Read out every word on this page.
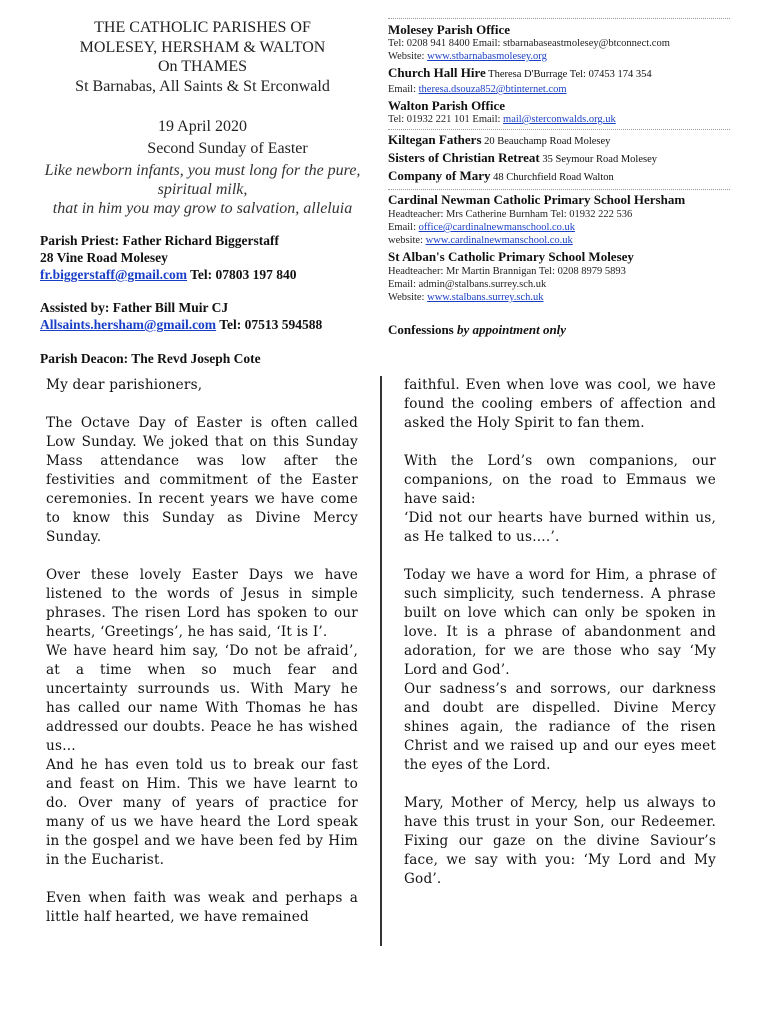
THE CATHOLIC PARISHES OF
MOLESEY, HERSHAM & WALTON
On THAMES
St Barnabas, All Saints & St Erconwald
19 April 2020
Second Sunday of Easter
Like newborn infants, you must long for the pure,
spiritual milk,
that in him you may grow to salvation, alleluia
Parish Priest: Father Richard Biggerstaff
28 Vine Road Molesey
fr.biggerstaff@gmail.com Tel: 07803 197 840
Assisted by: Father Bill Muir CJ
Allsaints.hersham@gmail.com Tel: 07513 594588
Parish Deacon: The Revd Joseph Cote
Molesey Parish Office
Tel: 0208 941 8400 Email: stbarnabaseastmolesey@btconnect.com
Website: www.stbarnabasmolesey.org
Church Hall Hire Theresa D'Burrage Tel: 07453 174 354
Email: theresa.dsouza852@btinternet.com
Walton Parish Office
Tel: 01932 221 101 Email: mail@sterconwalds.org.uk
Kiltegan Fathers 20 Beauchamp Road Molesey
Sisters of Christian Retreat 35 Seymour Road Molesey
Company of Mary 48 Churchfield Road Walton
Cardinal Newman Catholic Primary School Hersham
Headteacher: Mrs Catherine Burnham Tel: 01932 222 536
Email: office@cardinalnewmanschool.co.uk
website: www.cardinalnewmanschool.co.uk
St Alban's Catholic Primary School Molesey
Headteacher: Mr Martin Brannigan Tel: 0208 8979 5893
Email: admin@stalbans.surrey.sch.uk
Website: www.stalbans.surrey.sch.uk
Confessions by appointment only

My dear parishioners,

The Octave Day of Easter is often called Low Sunday. We joked that on this Sunday Mass attendance was low after the festivities and commitment of the Easter ceremonies. In recent years we have come to know this Sunday as Divine Mercy Sunday.

Over these lovely Easter Days we have listened to the words of Jesus in simple phrases. The risen Lord has spoken to our hearts, ‘Greetings’, he has said, ‘It is I’.

We have heard him say, ‘Do not be afraid’, at a time when so much fear and uncertainty surrounds us. With Mary he has called our name With Thomas he has addressed our doubts. Peace he has wished us…

And he has even told us to break our fast and feast on Him. This we have learnt to do. Over many of years of practice for many of us we have heard the Lord speak in the gospel and we have been fed by Him in the Eucharist.

Even when faith was weak and perhaps a little half hearted, we have remained

faithful. Even when love was cool, we have found the cooling embers of affection and asked the Holy Spirit to fan them.

With the Lord’s own companions, our companions, on the road to Emmaus we have said:

‘Did not our hearts have burned within us, as He talked to us….’.

Today we have a word for Him, a phrase of such simplicity, such tenderness. A phrase built on love which can only be spoken in love. It is a phrase of abandonment and adoration, for we are those who say ‘My Lord and God’.

Our sadness’s and sorrows, our darkness and doubt are dispelled. Divine Mercy shines again, the radiance of the risen Christ and we raised up and our eyes meet the eyes of the Lord.

Mary, Mother of Mercy, help us always to have this trust in your Son, our Redeemer. Fixing our gaze on the divine Saviour’s face, we say with you: ‘My Lord and My God’.
